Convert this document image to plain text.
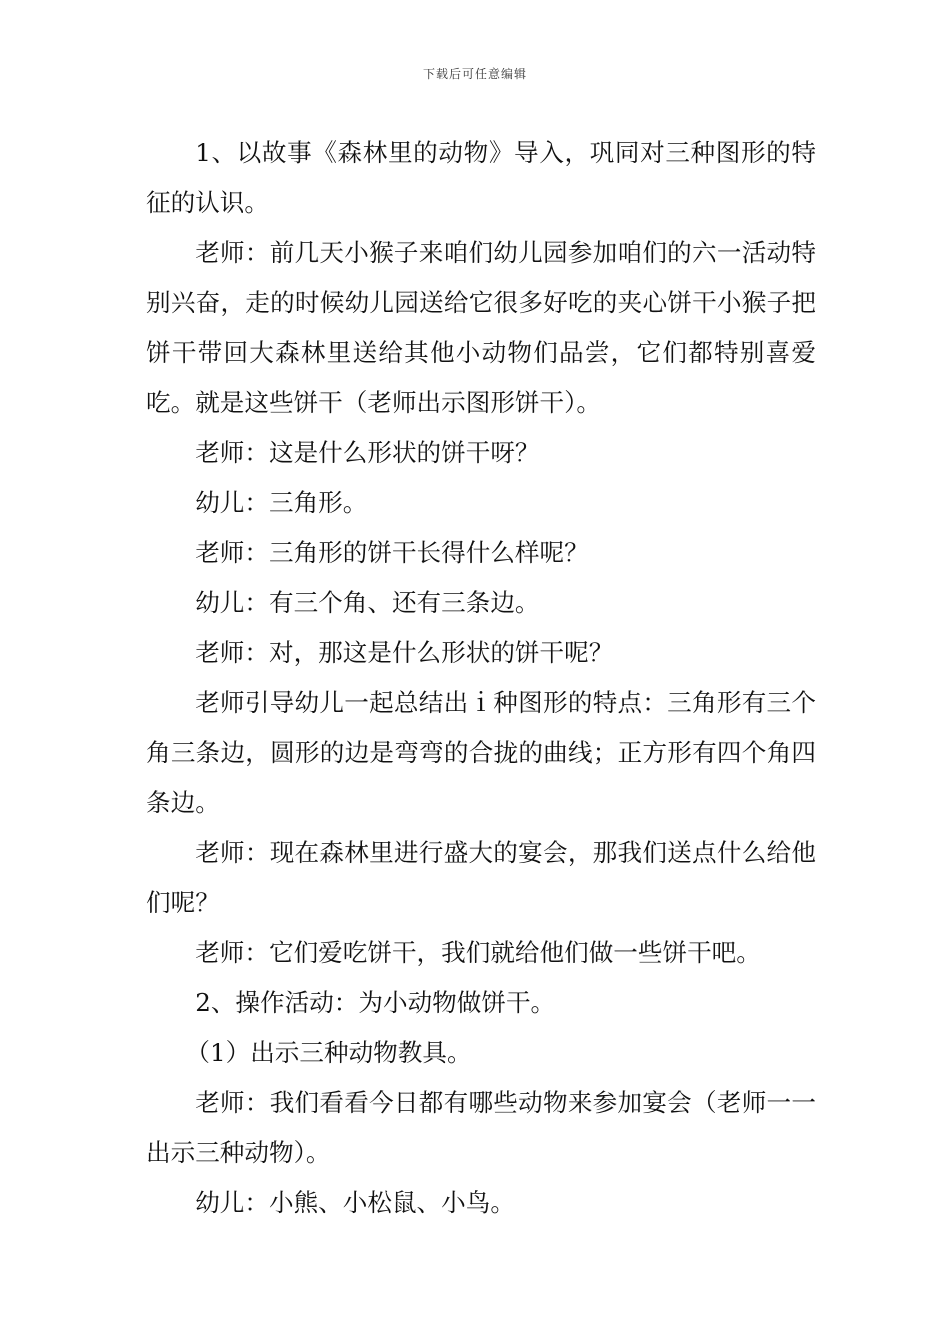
下载后可任意编辑

1、以故事《森林里的动物》导入，巩同对三种图形的特征的认识。

老师：前几天小猴子来咱们幼儿园参加咱们的六一活动特别兴奋，走的时候幼儿园送给它很多好吃的夹心饼干小猴子把饼干带回大森林里送给其他小动物们品尝，它们都特别喜爱吃。就是这些饼干（老师出示图形饼干）。

老师：这是什么形状的饼干呀？

幼儿：三角形。

老师：三角形的饼干长得什么样呢？

幼儿：有三个角、还有三条边。

老师：对，那这是什么形状的饼干呢？

老师引导幼儿一起总结出ｉ种图形的特点：三角形有三个角三条边，圆形的边是弯弯的合拢的曲线；正方形有四个角四条边。

老师：现在森林里进行盛大的宴会，那我们送点什么给他们呢？

老师：它们爱吃饼干，我们就给他们做一些饼干吧。

2、操作活动：为小动物做饼干。

（1）出示三种动物教具。

老师：我们看看今日都有哪些动物来参加宴会（老师一一出示三种动物）。

幼儿：小熊、小松鼠、小鸟。
